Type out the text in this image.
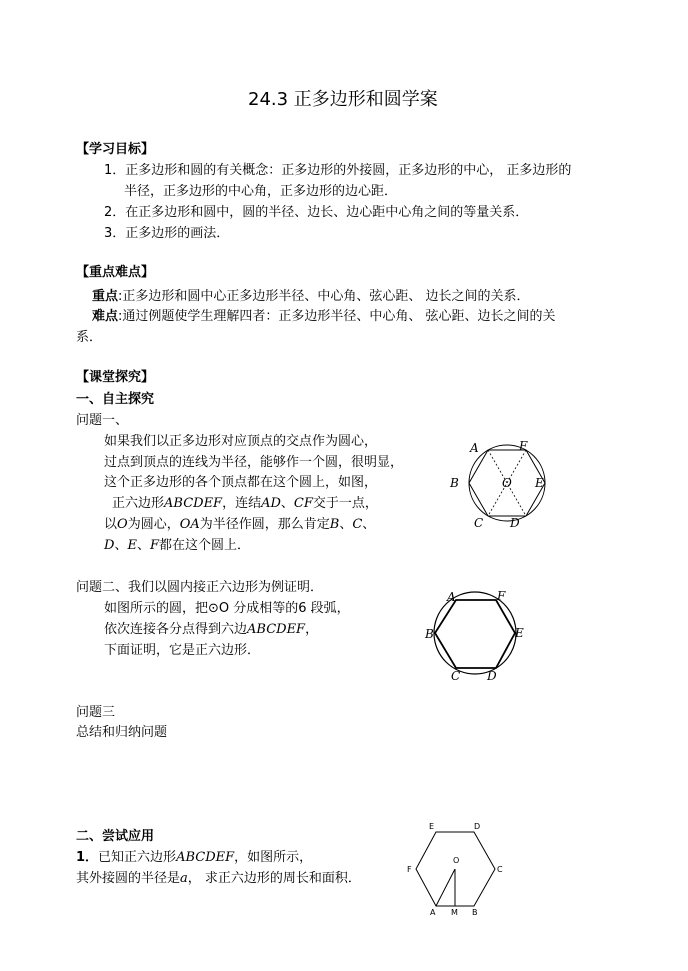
24.3 正多边形和圆学案
【学习目标】
1．正多边形和圆的有关概念：正多边形的外接圆，正多边形的中心， 正多边形的
半径，正多边形的中心角，正多边形的边心距．
2．在正多边形和圆中，圆的半径、边长、边心距中心角之间的等量关系．
3．正多边形的画法．
【重点难点】
重点:正多边形和圆中心正多边形半径、中心角、弦心距、 边长之间的关系．
难点:通过例题使学生理解四者：正多边形半径、中心角、 弦心距、边长之间的关
系．
【课堂探究】
一、自主探究
问题一、
如果我们以正多边形对应顶点的交点作为圆心，
过点到顶点的连线为半径，能够作一个圆，很明显，
这个正多边形的各个顶点都在这个圆上，如图，
正六边形ABCDEF，连结AD、CF交于一点，
以O为圆心，OA为半径作圆，那么肯定B、C、
D、E、F都在这个圆上．
A	F
B	O E
C D
问题二、我们以圆内接正六边形为例证明．
如图所示的圆，把⊙O 分成相等的6 段弧，
依次连接各分点得到六边ABCDEF，
下面证明，它是正六边形．
A	F
B	E
C D
问题三
总结和归纳问题
二、尝试应用
1．已知正六边形ABCDEF，如图所示，
其外接圆的半径是a， 求正六边形的周长和面积．
E	D
O
C
F
A M B
